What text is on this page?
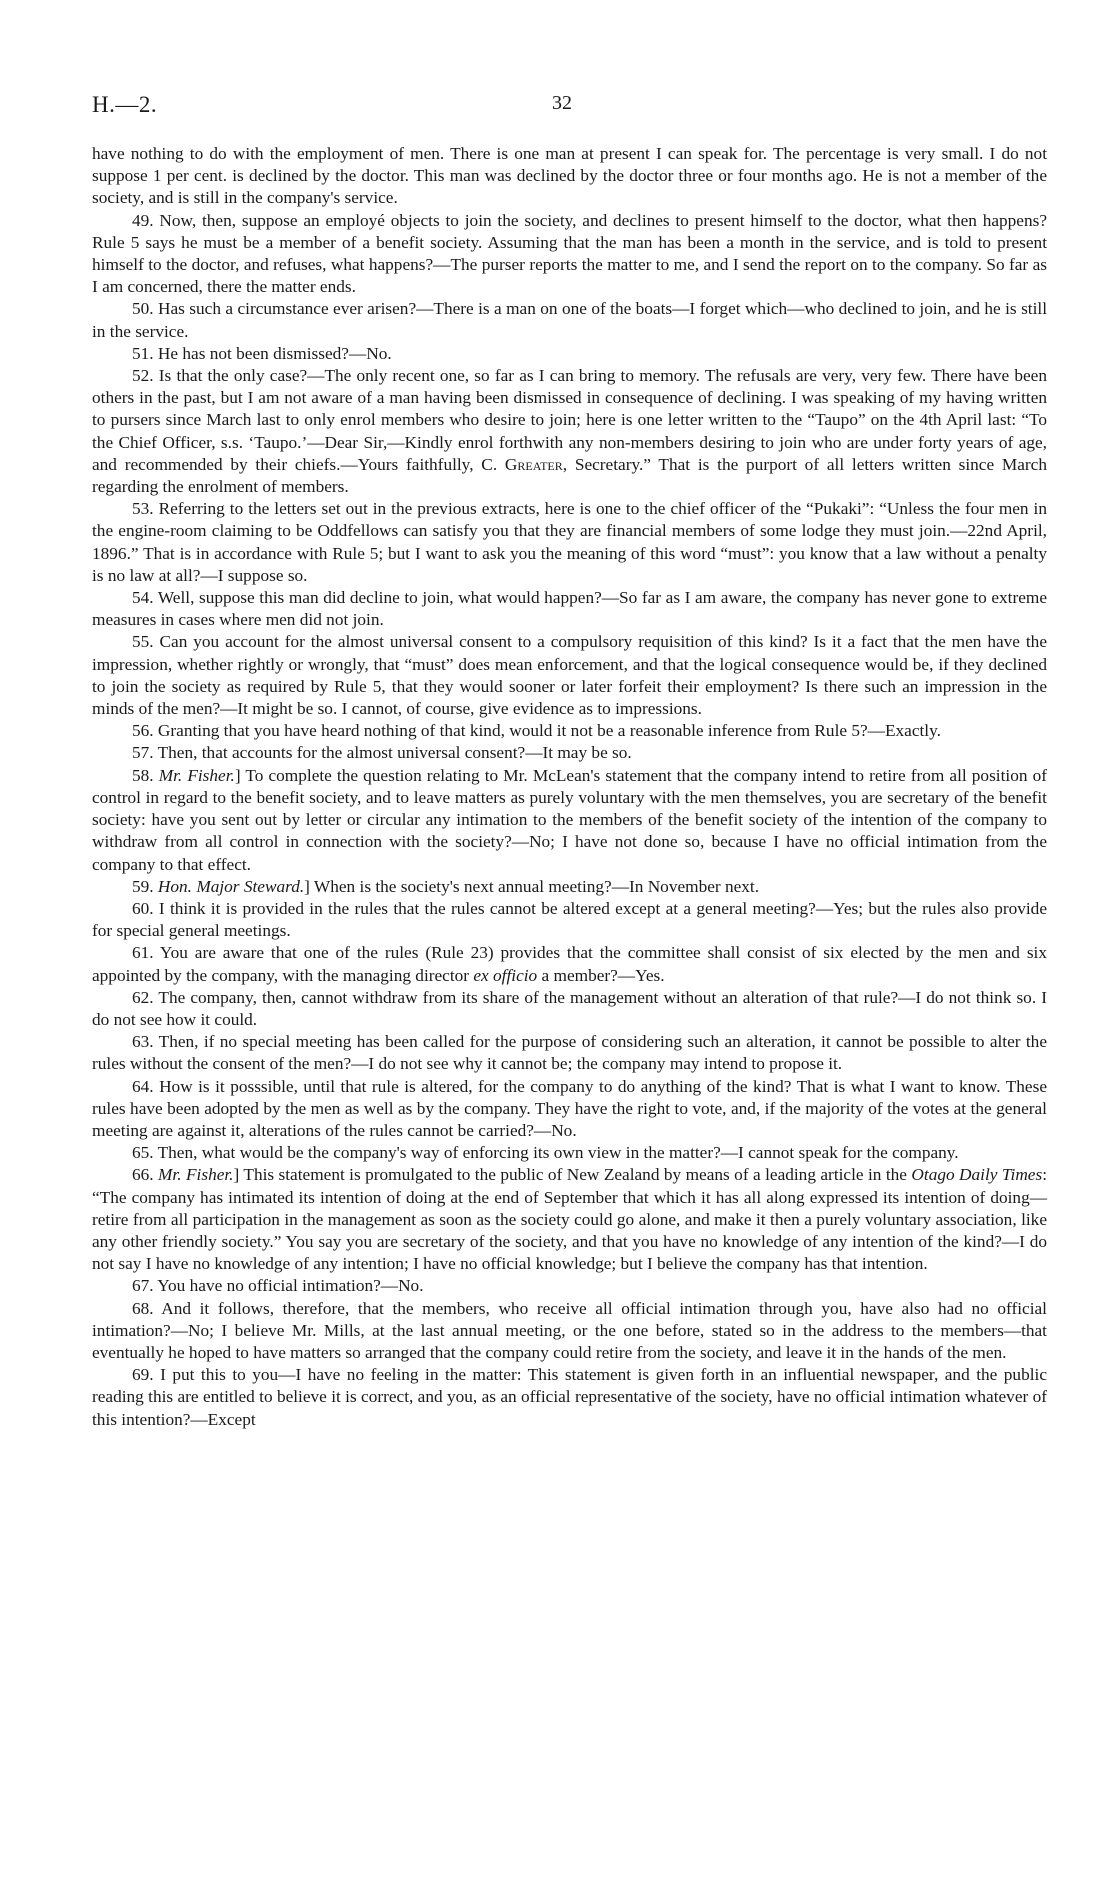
H.—2.	32

have nothing to do with the employment of men. There is one man at present I can speak for. The percentage is very small. I do not suppose 1 per cent. is declined by the doctor. This man was declined by the doctor three or four months ago. He is not a member of the society, and is still in the company's service.

49. Now, then, suppose an employé objects to join the society, and declines to present himself to the doctor, what then happens? Rule 5 says he must be a member of a benefit society. Assuming that the man has been a month in the service, and is told to present himself to the doctor, and refuses, what happens?—The purser reports the matter to me, and I send the report on to the company. So far as I am concerned, there the matter ends.

50. Has such a circumstance ever arisen?—There is a man on one of the boats—I forget which—who declined to join, and he is still in the service.

51. He has not been dismissed?—No.

52. Is that the only case?—The only recent one, so far as I can bring to memory. The refusals are very, very few. There have been others in the past, but I am not aware of a man having been dismissed in consequence of declining. I was speaking of my having written to pursers since March last to only enrol members who desire to join; here is one letter written to the “Taupo” on the 4th April last: “To the Chief Officer, s.s. ‘Taupo.’—Dear Sir,—Kindly enrol forthwith any non-members desiring to join who are under forty years of age, and recommended by their chiefs.—Yours faithfully, C. Greater, Secretary.” That is the purport of all letters written since March regarding the enrolment of members.

53. Referring to the letters set out in the previous extracts, here is one to the chief officer of the “Pukaki”: “Unless the four men in the engine-room claiming to be Oddfellows can satisfy you that they are financial members of some lodge they must join.—22nd April, 1896.” That is in accordance with Rule 5; but I want to ask you the meaning of this word “must”: you know that a law without a penalty is no law at all?—I suppose so.

54. Well, suppose this man did decline to join, what would happen?—So far as I am aware, the company has never gone to extreme measures in cases where men did not join.

55. Can you account for the almost universal consent to a compulsory requisition of this kind? Is it a fact that the men have the impression, whether rightly or wrongly, that “must” does mean enforcement, and that the logical consequence would be, if they declined to join the society as required by Rule 5, that they would sooner or later forfeit their employment? Is there such an impression in the minds of the men?—It might be so. I cannot, of course, give evidence as to impressions.

56. Granting that you have heard nothing of that kind, would it not be a reasonable inference from Rule 5?—Exactly.

57. Then, that accounts for the almost universal consent?—It may be so.

58. Mr. Fisher.] To complete the question relating to Mr. McLean's statement that the company intend to retire from all position of control in regard to the benefit society, and to leave matters as purely voluntary with the men themselves, you are secretary of the benefit society: have you sent out by letter or circular any intimation to the members of the benefit society of the intention of the company to withdraw from all control in connection with the society?—No; I have not done so, because I have no official intimation from the company to that effect.

59. Hon. Major Steward.] When is the society's next annual meeting?—In November next.

60. I think it is provided in the rules that the rules cannot be altered except at a general meeting?—Yes; but the rules also provide for special general meetings.

61. You are aware that one of the rules (Rule 23) provides that the committee shall consist of six elected by the men and six appointed by the company, with the managing director ex officio a member?—Yes.

62. The company, then, cannot withdraw from its share of the management without an alteration of that rule?—I do not think so. I do not see how it could.

63. Then, if no special meeting has been called for the purpose of considering such an alteration, it cannot be possible to alter the rules without the consent of the men?—I do not see why it cannot be; the company may intend to propose it.

64. How is it posssible, until that rule is altered, for the company to do anything of the kind? That is what I want to know. These rules have been adopted by the men as well as by the company. They have the right to vote, and, if the majority of the votes at the general meeting are against it, alterations of the rules cannot be carried?—No.

65. Then, what would be the company's way of enforcing its own view in the matter?—I cannot speak for the company.

66. Mr. Fisher.] This statement is promulgated to the public of New Zealand by means of a leading article in the Otago Daily Times: “The company has intimated its intention of doing at the end of September that which it has all along expressed its intention of doing—retire from all participation in the management as soon as the society could go alone, and make it then a purely voluntary association, like any other friendly society.” You say you are secretary of the society, and that you have no knowledge of any intention of the kind?—I do not say I have no knowledge of any intention; I have no official knowledge; but I believe the company has that intention.

67. You have no official intimation?—No.

68. And it follows, therefore, that the members, who receive all official intimation through you, have also had no official intimation?—No; I believe Mr. Mills, at the last annual meeting, or the one before, stated so in the address to the members—that eventually he hoped to have matters so arranged that the company could retire from the society, and leave it in the hands of the men.

69. I put this to you—I have no feeling in the matter: This statement is given forth in an influential newspaper, and the public reading this are entitled to believe it is correct, and you, as an official representative of the society, have no official intimation whatever of this intention?—Except
